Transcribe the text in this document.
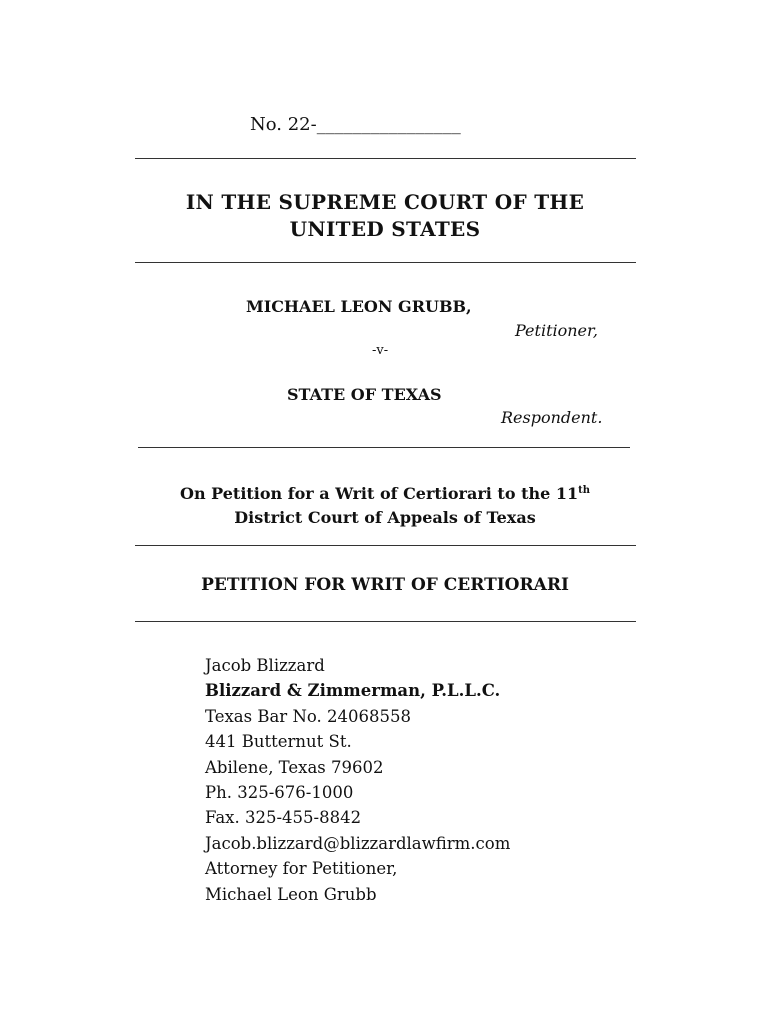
No. 22-________________
IN THE SUPREME COURT OF THE
UNITED STATES
MICHAEL LEON GRUBB,
Petitioner,
-v-
STATE OF TEXAS
Respondent.
On Petition for a Writ of Certiorari to the 11th
District Court of Appeals of Texas
PETITION FOR WRIT OF CERTIORARI
Jacob Blizzard
Blizzard & Zimmerman, P.L.L.C.
Texas Bar No. 24068558
441 Butternut St.
Abilene, Texas 79602
Ph. 325-676-1000
Fax. 325-455-8842
Jacob.blizzard@blizzardlawfirm.com
Attorney for Petitioner,
Michael Leon Grubb
